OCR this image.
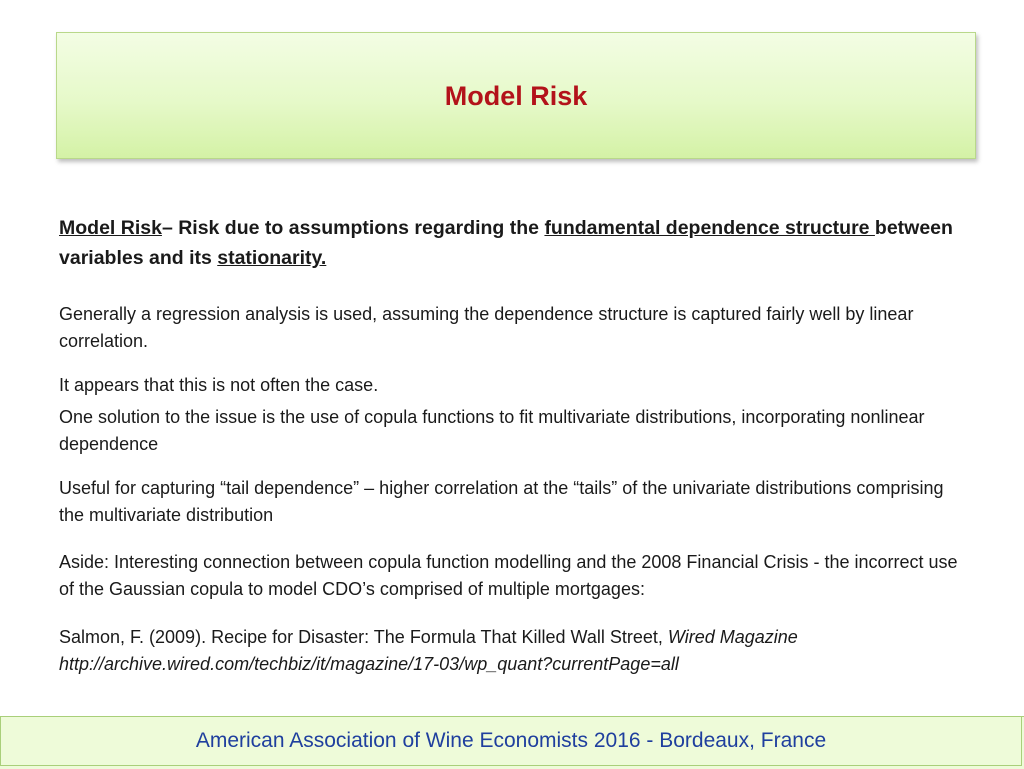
Model Risk

Model Risk– Risk due to assumptions regarding the fundamental dependence structure between variables and its stationarity.

Generally a regression analysis is used, assuming the dependence structure is captured fairly well by linear correlation.

It appears that this is not often the case.

One solution to the issue is the use of copula functions to fit multivariate distributions, incorporating nonlinear dependence

Useful for capturing “tail dependence” – higher correlation at the “tails” of the univariate distributions comprising the multivariate distribution

Aside: Interesting connection between copula function modelling and the 2008 Financial Crisis - the incorrect use of the Gaussian copula to model CDO’s comprised of multiple mortgages:

Salmon, F. (2009). Recipe for Disaster: The Formula That Killed Wall Street, Wired Magazine
http://archive.wired.com/techbiz/it/magazine/17-03/wp_quant?currentPage=all

American Association of Wine Economists 2016 - Bordeaux, France
